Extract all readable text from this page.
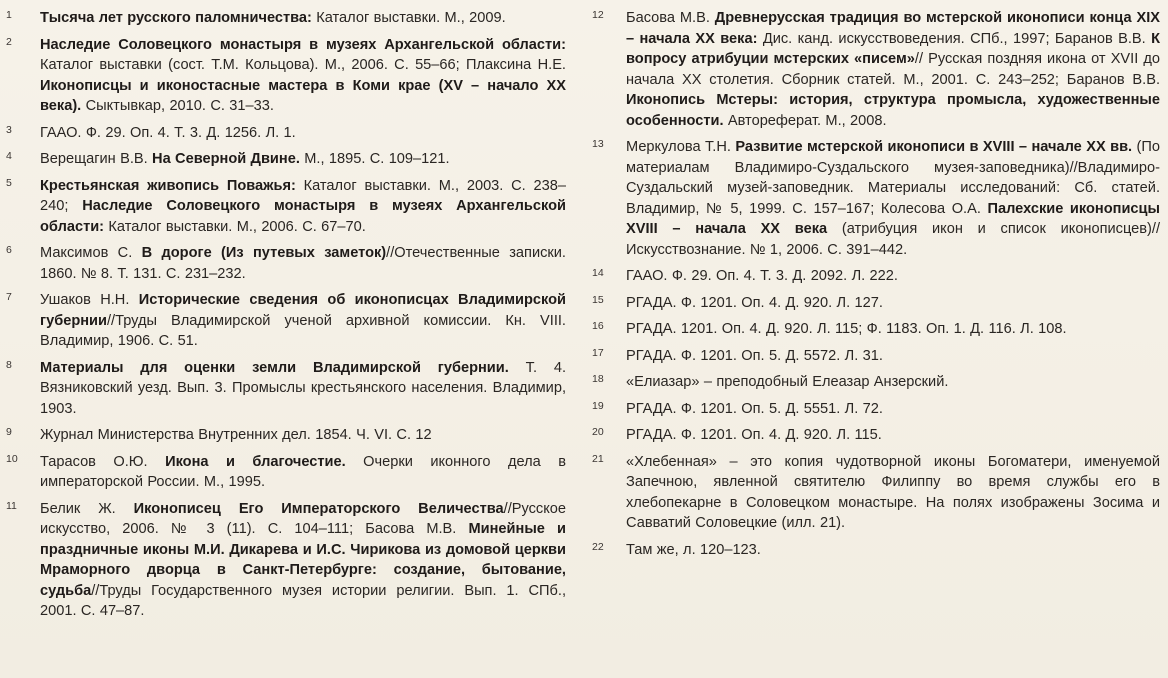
1	Тысяча лет русского паломничества: Каталог выставки. М., 2009.
2	Наследие Соловецкого монастыря в музеях Архангельской области: Каталог выставки (сост. Т.М. Кольцова). М., 2006. С. 55–66; Плаксина Н.Е. Иконописцы и иконостасные мастера в Коми крае (XV – начало XX века). Сыктывкар, 2010. С. 31–33.
3	ГААО. Ф. 29. Оп. 4. Т. 3. Д. 1256. Л. 1.
4	Верещагин В.В. На Северной Двине. М., 1895. С. 109–121.
5	Крестьянская живопись Поважья: Каталог выставки. М., 2003. С. 238–240; Наследие Соловецкого монастыря в музеях Архангельской области: Каталог выставки. М., 2006. С. 67–70.
6	Максимов С. В дороге (Из путевых заметок)//Отечественные записки. 1860. № 8. Т. 131. С. 231–232.
7	Ушаков Н.Н. Исторические сведения об иконописцах Владимирской губернии//Труды Владимирской ученой архивной комиссии. Кн. VIII. Владимир, 1906. С. 51.
8	Материалы для оценки земли Владимирской губернии. Т. 4. Вязниковский уезд. Вып. 3. Промыслы крестьянского населения. Владимир, 1903.
9	Журнал Министерства Внутренних дел. 1854. Ч. VI. С. 12
10	Тарасов О.Ю. Икона и благочестие. Очерки иконного дела в императорской России. М., 1995.
11	Белик Ж. Иконописец Его Императорского Величества//Русское искусство, 2006. № 3 (11). С. 104–111; Басова М.В. Минейные и праздничные иконы М.И. Дикарева и И.С. Чирикова из домовой церкви Мраморного дворца в Санкт-Петербурге: создание, бытование, судьба//Труды Государственного музея истории религии. Вып. 1. СПб., 2001. С. 47–87.
12	Басова М.В. Древнерусская традиция во мстерской иконописи конца XIX – начала XX века: Дис. канд. искусствоведения. СПб., 1997; Баранов В.В. К вопросу атрибуции мстерских «писем»// Русская поздняя икона от XVII до начала XX столетия. Сборник статей. М., 2001. С. 243–252; Баранов В.В. Иконопись Мстеры: история, структура промысла, художественные особенности. Автореферат. М., 2008.
13	Меркулова Т.Н. Развитие мстерской иконописи в XVIII – начале XX вв. (По материалам Владимиро-Суздальского музея-заповедника)//Владимиро-Суздальский музей-заповедник. Материалы исследований: Сб. статей. Владимир, № 5, 1999. С. 157–167; Колесова О.А. Палехские иконописцы XVIII – начала XX века (атрибуция икон и список иконописцев)//Искусствознание. № 1, 2006. С. 391–442.
14	ГААО. Ф. 29. Оп. 4. Т. 3. Д. 2092. Л. 222.
15	РГАДА. Ф. 1201. Оп. 4. Д. 920. Л. 127.
16	РГАДА. 1201. Оп. 4. Д. 920. Л. 115; Ф. 1183. Оп. 1. Д. 116. Л. 108.
17	РГАДА. Ф. 1201. Оп. 5. Д. 5572. Л. 31.
18	«Елиазар» – преподобный Елеазар Анзерский.
19	РГАДА. Ф. 1201. Оп. 5. Д. 5551. Л. 72.
20	РГАДА. Ф. 1201. Оп. 4. Д. 920. Л. 115.
21	«Хлебенная» – это копия чудотворной иконы Богоматери, именуемой Запечною, явленной святителю Филиппу во время службы его в хлебопекарне в Соловецком монастыре. На полях изображены Зосима и Савватий Соловецкие (илл. 21).
22	Там же, л. 120–123.
